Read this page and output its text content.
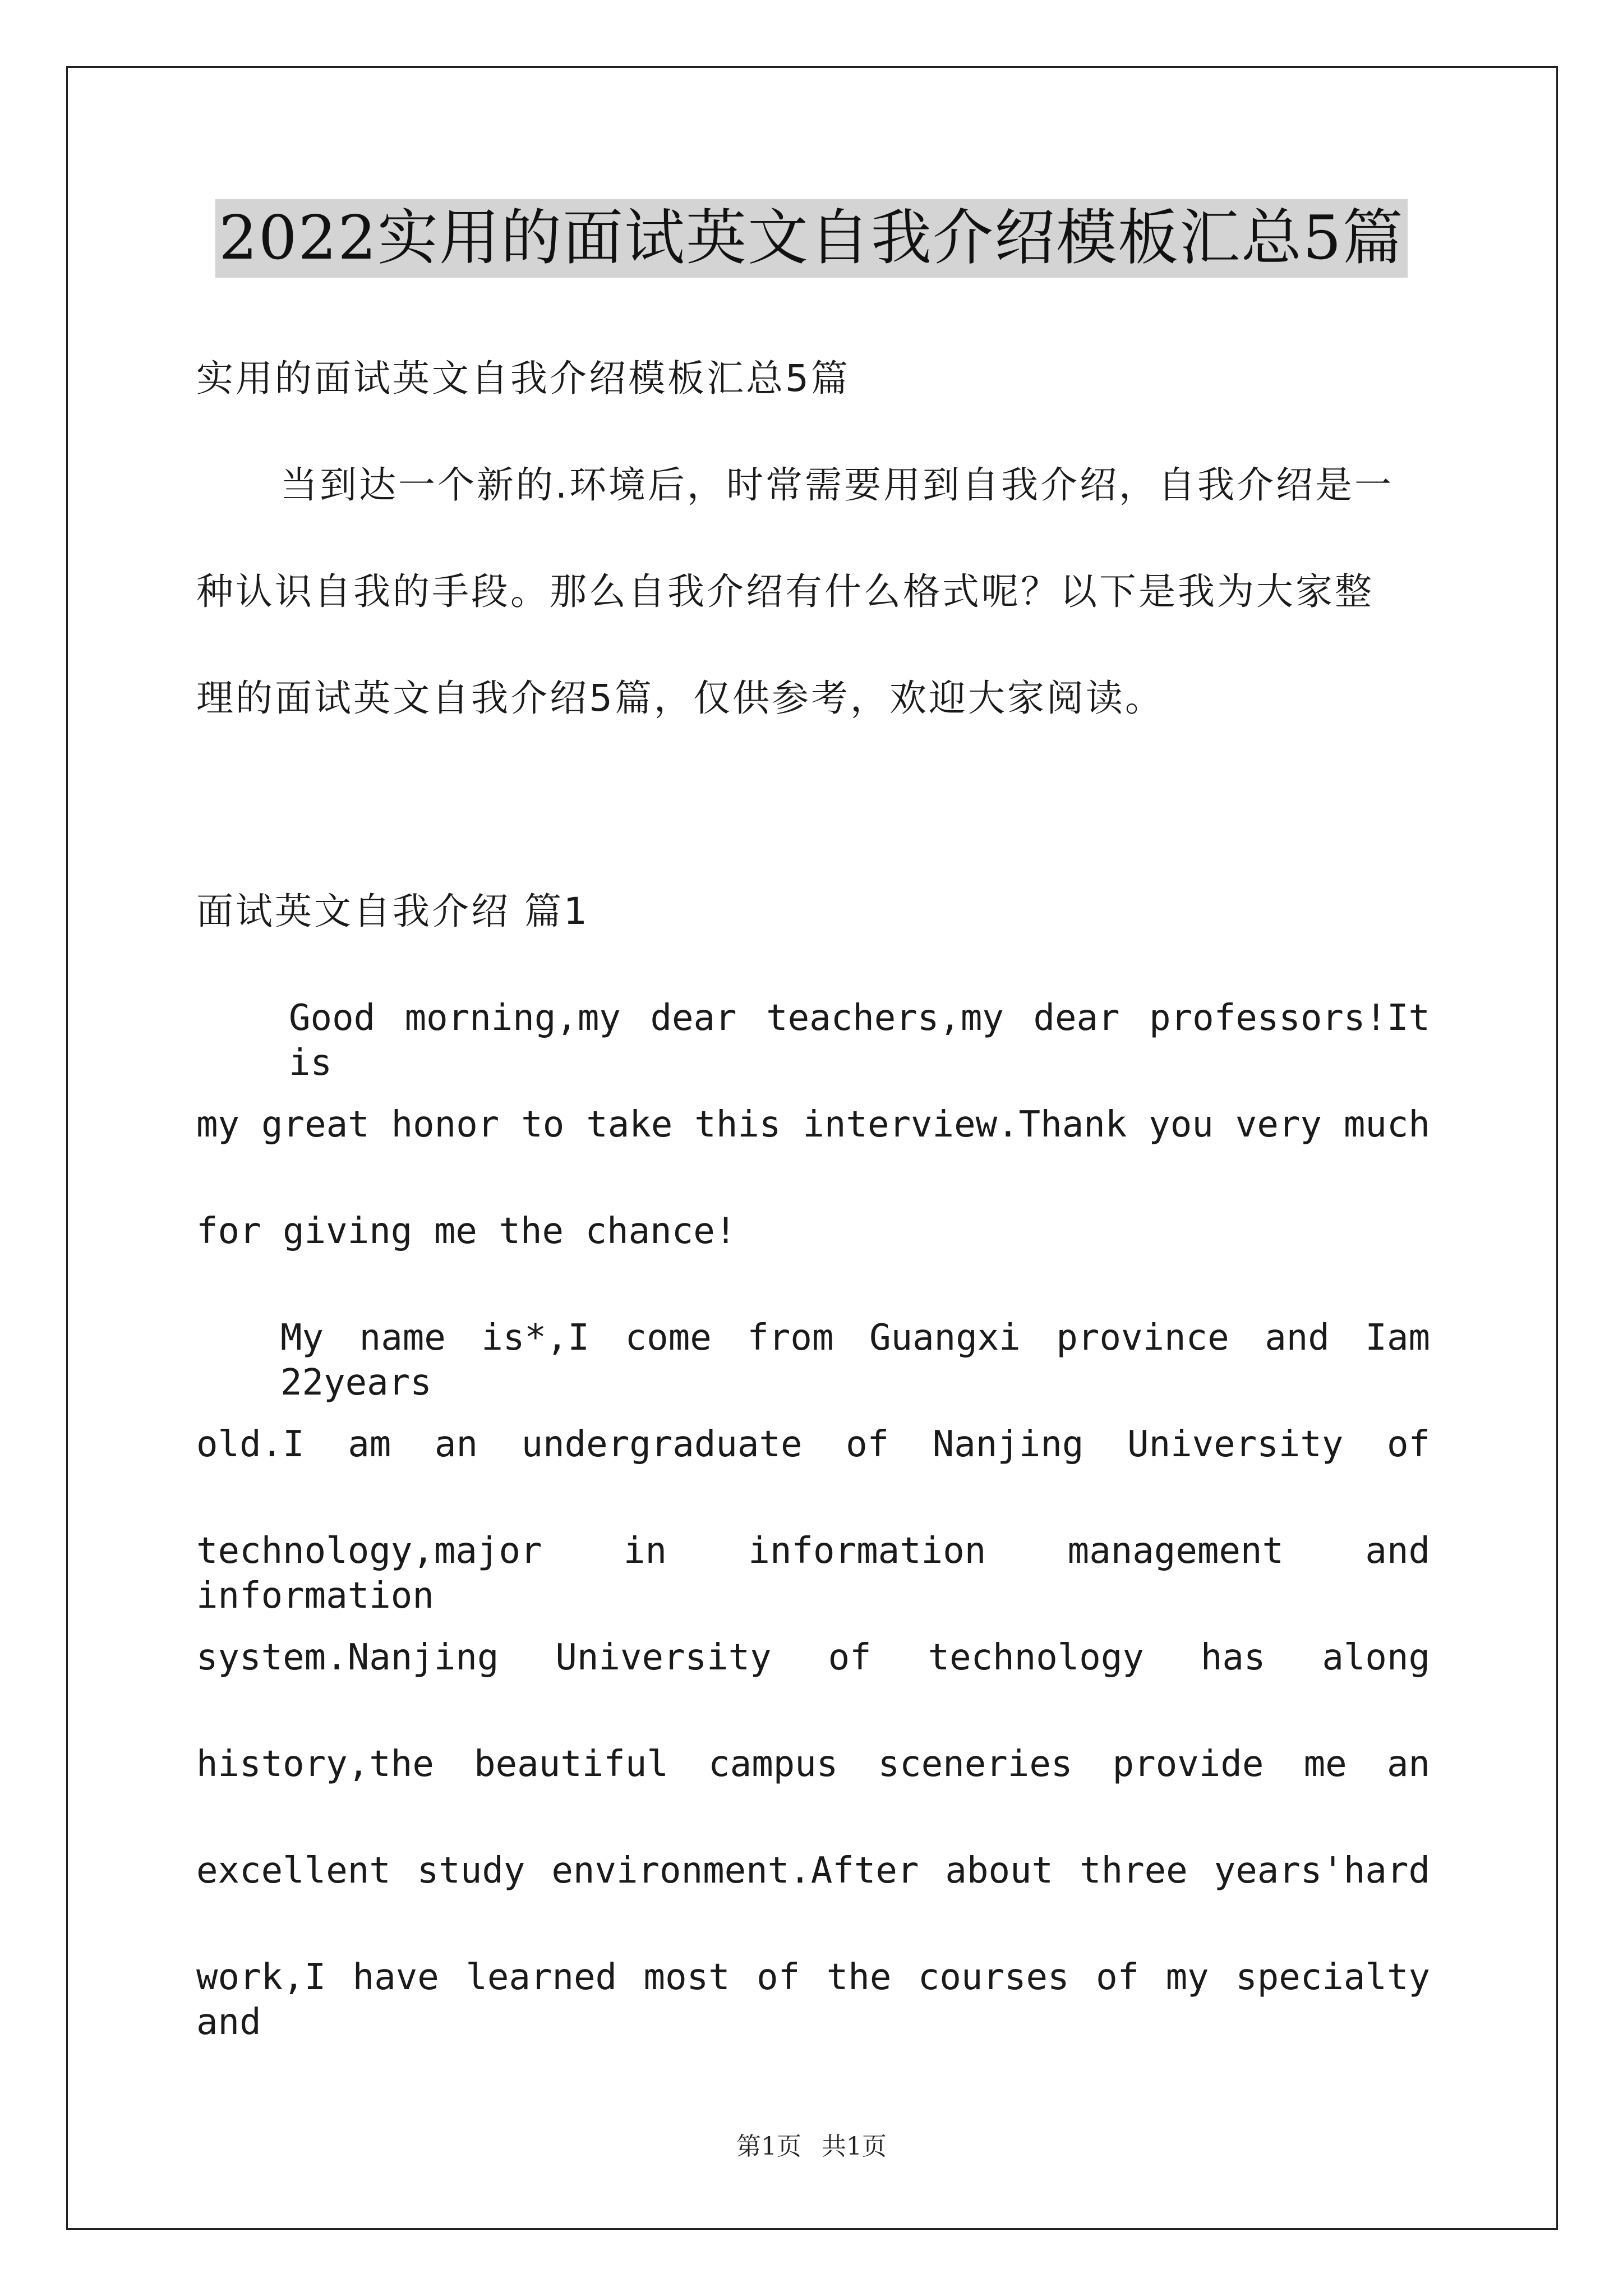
2022实用的面试英文自我介绍模板汇总5篇
实用的面试英文自我介绍模板汇总5篇
当到达一个新的.环境后，时常需要用到自我介绍，自我介绍是一
种认识自我的手段。那么自我介绍有什么格式呢？以下是我为大家整
理的面试英文自我介绍5篇，仅供参考，欢迎大家阅读。
面试英文自我介绍 篇1
Good morning,my dear teachers,my dear professors!It is
my great honor to take this interview.Thank you very much
for giving me the chance!
My name is*,I come from Guangxi province and Iam 22years
old.I am an undergraduate of Nanjing University of
technology,major in information management and information
system.Nanjing University of technology has along
history,the beautiful campus sceneries provide me an
excellent study environment.After about three years'hard
work,I have learned most of the courses of my specialty and
第1页 共1页
